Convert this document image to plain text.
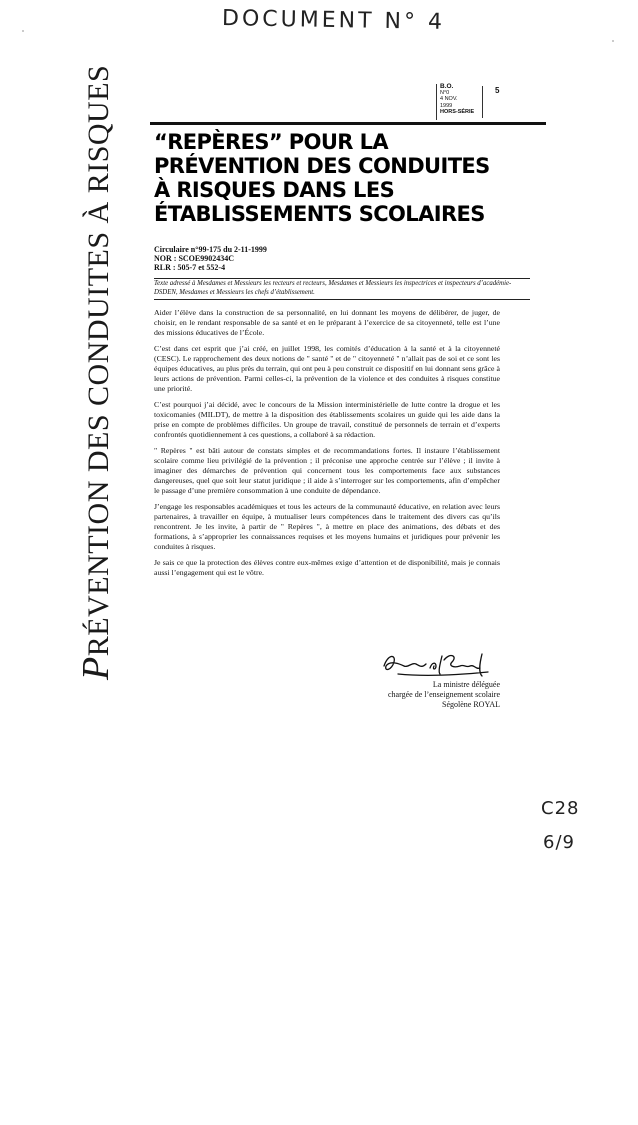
DOCUMENT N° 4
B.O.
N°0
4 NOV.
1999
HORS-SÉRIE
5
PRÉVENTION DES CONDUITES À RISQUES “REPÈRES” POUR LA
PRÉVENTION DES CONDUITES
À RISQUES DANS LES
ÉTABLISSEMENTS SCOLAIRES
Circulaire n°99-175 du 2-11-1999
NOR : SCOE9902434C
RLR : 505-7 et 552-4
Texte adressé à Mesdames et Messieurs les recteurs et recteurs, Mesdames et Messieurs les inspectrices et inspecteurs d’académie-DSDEN, Mesdames et Messieurs les chefs d’établissement.

Aider l’élève dans la construction de sa personnalité, en lui donnant les moyens de délibérer, de juger, de choisir, en le rendant responsable de sa santé et en le préparant à l’exercice de sa citoyenneté, telle est l’une des missions éducatives de l’École.

C’est dans cet esprit que j’ai créé, en juillet 1998, les comités d’éducation à la santé et à la citoyenneté (CESC). Le rapprochement des deux notions de " santé " et de " citoyenneté " n’allait pas de soi et ce sont les équipes éducatives, au plus près du terrain, qui ont peu à peu construit ce dispositif en lui donnant sens grâce à leurs actions de prévention. Parmi celles-ci, la prévention de la violence et des conduites à risques constitue une priorité.

C’est pourquoi j’ai décidé, avec le concours de la Mission interministérielle de lutte contre la drogue et les toxicomanies (MILDT), de mettre à la disposition des établissements scolaires un guide qui les aide dans la prise en compte de problèmes difficiles. Un groupe de travail, constitué de personnels de terrain et d’experts confrontés quotidiennement à ces questions, a collaboré à sa rédaction.

" Repères " est bâti autour de constats simples et de recommandations fortes. Il instaure l’établissement scolaire comme lieu privilégié de la prévention ; il préconise une approche centrée sur l’élève ; il invite à imaginer des démarches de prévention qui concernent tous les comportements face aux substances dangereuses, quel que soit leur statut juridique ; il aide à s’interroger sur les comportements, afin d’empêcher le passage d’une première consommation à une conduite de dépendance.

J’engage les responsables académiques et tous les acteurs de la communauté éducative, en relation avec leurs partenaires, à travailler en équipe, à mutualiser leurs compétences dans le traitement des divers cas qu’ils rencontrent. Je les invite, à partir de " Repères ", à mettre en place des animations, des débats et des formations, à s’approprier les connaissances requises et les moyens humains et juridiques pour prévenir les conduites à risques.

Je sais ce que la protection des élèves contre eux-mêmes exige d’attention et de disponibilité, mais je connais aussi l’engagement qui est le vôtre.

La ministre déléguée
chargée de l’enseignement scolaire
Ségolène ROYAL
C28
6/9
